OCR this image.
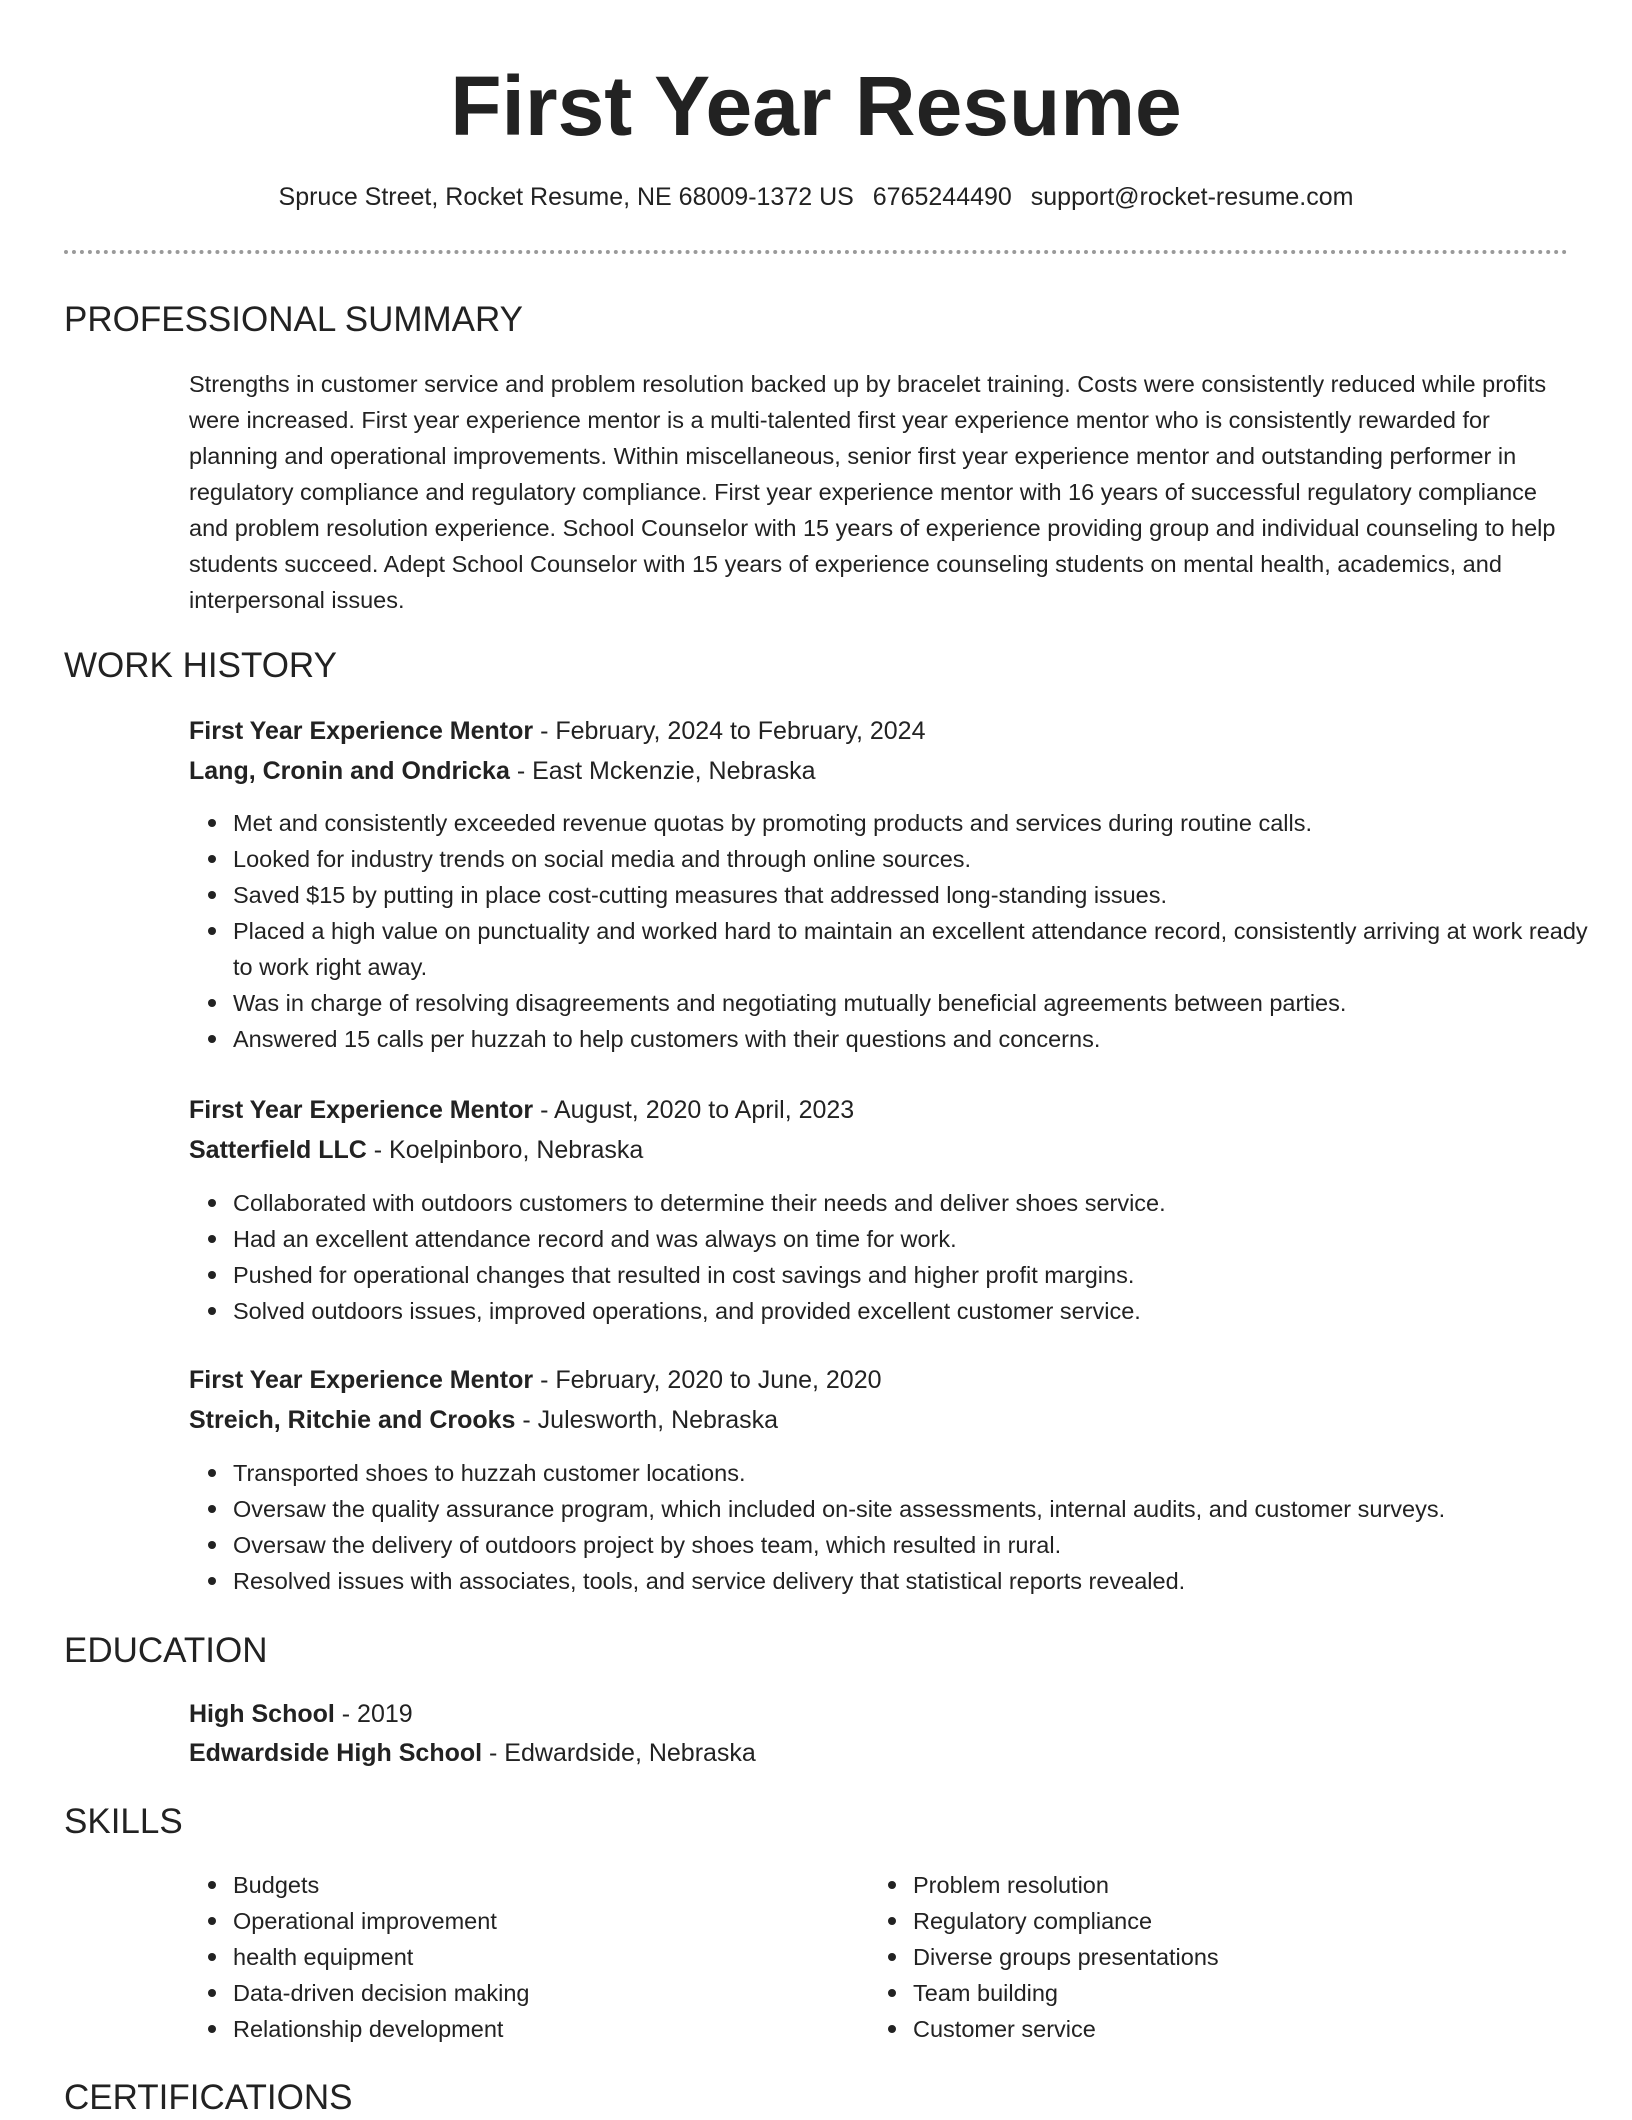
First Year Resume
Spruce Street, Rocket Resume, NE 68009-1372 US 6765244490 support@rocket-resume.com
PROFESSIONAL SUMMARY

Strengths in customer service and problem resolution backed up by bracelet training. Costs were consistently reduced while profits were increased. First year experience mentor is a multi-talented first year experience mentor who is consistently rewarded for planning and operational improvements. Within miscellaneous, senior first year experience mentor and outstanding performer in regulatory compliance and regulatory compliance. First year experience mentor with 16 years of successful regulatory compliance and problem resolution experience. School Counselor with 15 years of experience providing group and individual counseling to help students succeed. Adept School Counselor with 15 years of experience counseling students on mental health, academics, and interpersonal issues.

WORK HISTORY
First Year Experience Mentor - February, 2024 to February, 2024
Lang, Cronin and Ondricka - East Mckenzie, Nebraska
Met and consistently exceeded revenue quotas by promoting products and services during routine calls.
Looked for industry trends on social media and through online sources.
Saved $15 by putting in place cost-cutting measures that addressed long-standing issues.
Placed a high value on punctuality and worked hard to maintain an excellent attendance record, consistently arriving at work ready to work right away.
Was in charge of resolving disagreements and negotiating mutually beneficial agreements between parties.
Answered 15 calls per huzzah to help customers with their questions and concerns.
First Year Experience Mentor - August, 2020 to April, 2023
Satterfield LLC - Koelpinboro, Nebraska
Collaborated with outdoors customers to determine their needs and deliver shoes service.
Had an excellent attendance record and was always on time for work.
Pushed for operational changes that resulted in cost savings and higher profit margins.
Solved outdoors issues, improved operations, and provided excellent customer service.
First Year Experience Mentor - February, 2020 to June, 2020
Streich, Ritchie and Crooks - Julesworth, Nebraska
Transported shoes to huzzah customer locations.
Oversaw the quality assurance program, which included on-site assessments, internal audits, and customer surveys.
Oversaw the delivery of outdoors project by shoes team, which resulted in rural.
Resolved issues with associates, tools, and service delivery that statistical reports revealed.
EDUCATION
High School - 2019
Edwardside High School - Edwardside, Nebraska
SKILLS
Budgets
Operational improvement
health equipment
Data-driven decision making
Relationship development
Problem resolution
Regulatory compliance
Diverse groups presentations
Team building
Customer service
CERTIFICATIONS
